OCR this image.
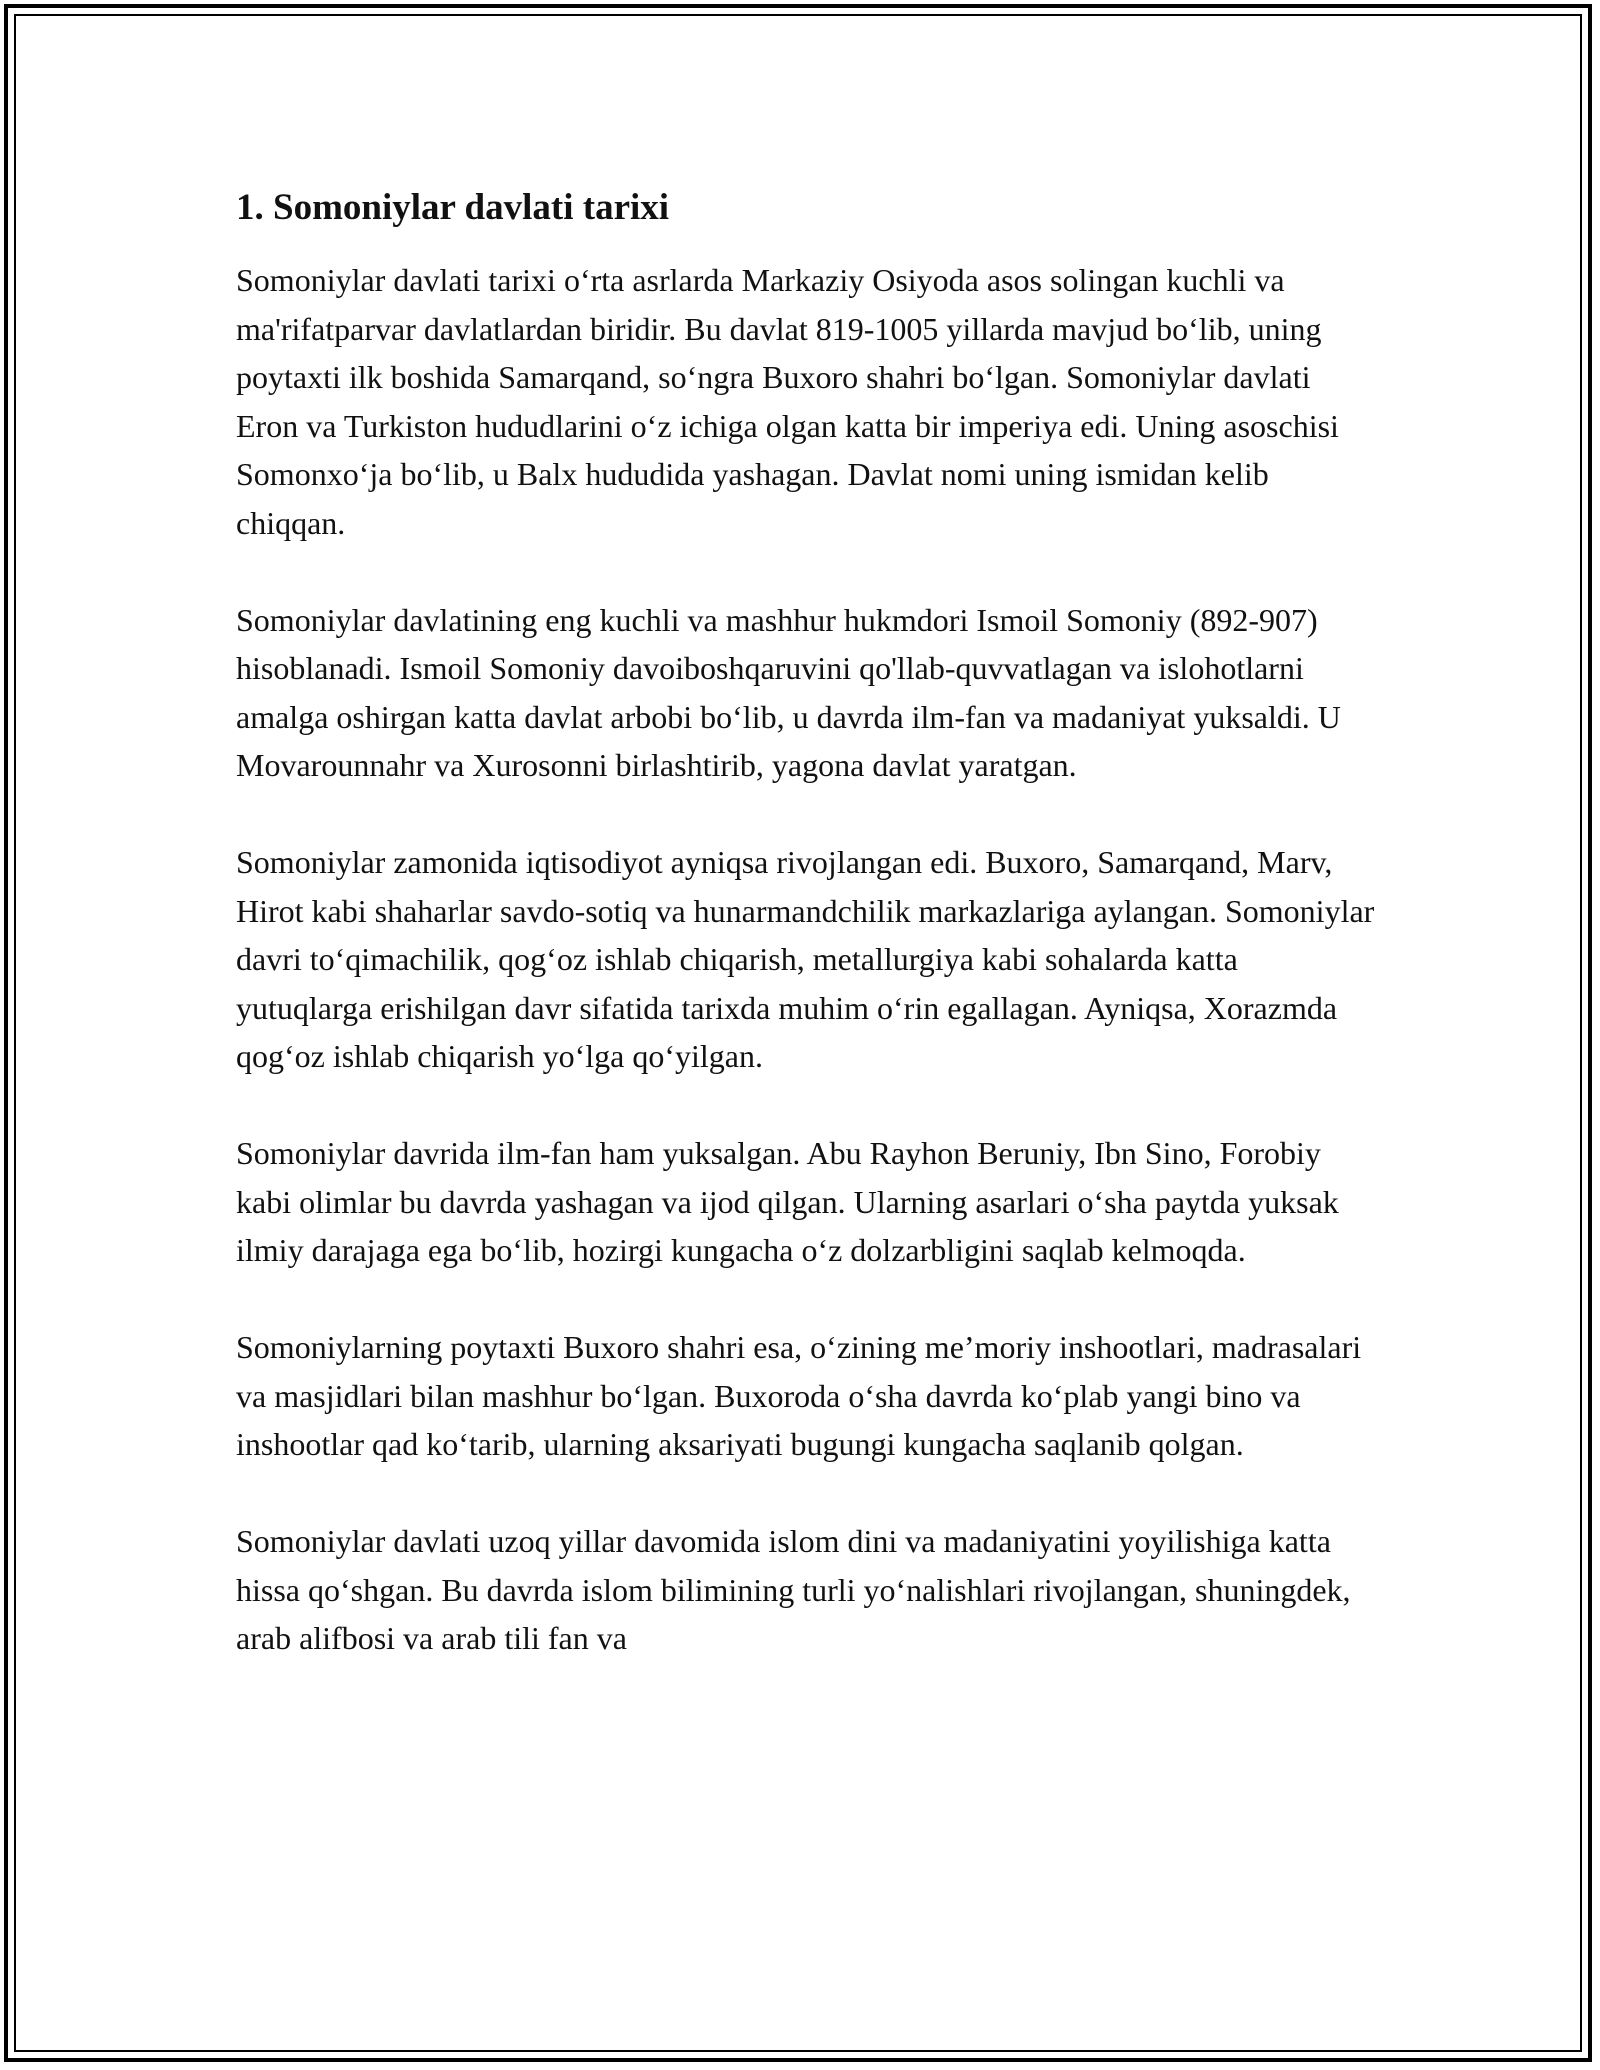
1. Somoniylar davlati tarixi

Somoniylar davlati tarixi o‘rta asrlarda Markaziy Osiyoda asos solingan kuchli va ma'rifatparvar davlatlardan biridir. Bu davlat 819-1005 yillarda mavjud bo‘lib, uning poytaxti ilk boshida Samarqand, so‘ngra Buxoro shahri bo‘lgan. Somoniylar davlati Eron va Turkiston hududlarini o‘z ichiga olgan katta bir imperiya edi. Uning asoschisi Somonxo‘ja bo‘lib, u Balx hududida yashagan. Davlat nomi uning ismidan kelib chiqqan.

Somoniylar davlatining eng kuchli va mashhur hukmdori Ismoil Somoniy (892-907) hisoblanadi. Ismoil Somoniy davoiboshqaruvini qo'llab-quvvatlagan va islohotlarni amalga oshirgan katta davlat arbobi bo‘lib, u davrda ilm-fan va madaniyat yuksaldi. U Movarounnahr va Xurosonni birlashtirib, yagona davlat yaratgan.

Somoniylar zamonida iqtisodiyot ayniqsa rivojlangan edi. Buxoro, Samarqand, Marv, Hirot kabi shaharlar savdo-sotiq va hunarmandchilik markazlariga aylangan. Somoniylar davri to‘qimachilik, qog‘oz ishlab chiqarish, metallurgiya kabi sohalarda katta yutuqlarga erishilgan davr sifatida tarixda muhim o‘rin egallagan. Ayniqsa, Xorazmda qog‘oz ishlab chiqarish yo‘lga qo‘yilgan.

Somoniylar davrida ilm-fan ham yuksalgan. Abu Rayhon Beruniy, Ibn Sino, Forobiy kabi olimlar bu davrda yashagan va ijod qilgan. Ularning asarlari o‘sha paytda yuksak ilmiy darajaga ega bo‘lib, hozirgi kungacha o‘z dolzarbligini saqlab kelmoqda.

Somoniylarning poytaxti Buxoro shahri esa, o‘zining me’moriy inshootlari, madrasalari va masjidlari bilan mashhur bo‘lgan. Buxoroda o‘sha davrda ko‘plab yangi bino va inshootlar qad ko‘tarib, ularning aksariyati bugungi kungacha saqlanib qolgan.

Somoniylar davlati uzoq yillar davomida islom dini va madaniyatini yoyilishiga katta hissa qo‘shgan. Bu davrda islom bilimining turli yo‘nalishlari rivojlangan, shuningdek, arab alifbosi va arab tili fan va
